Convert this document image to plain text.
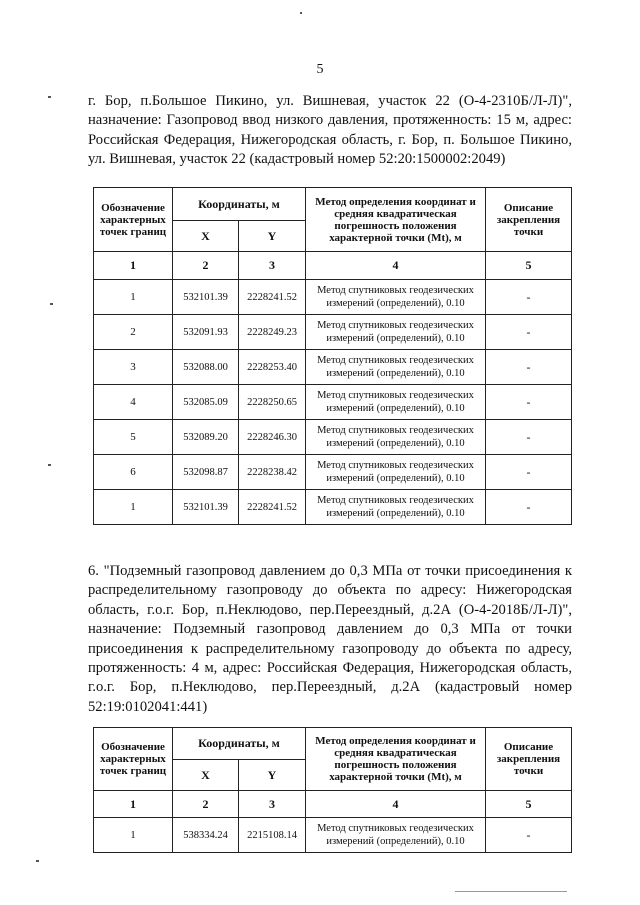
5
г. Бор, п.Большое Пикино, ул. Вишневая, участок 22 (О-4-2310Б/Л-Л)",
назначение: Газопровод ввод низкого давления, протяженность: 15 м, адрес:
Российская Федерация, Нижегородская область, г. Бор, п. Большое Пикино,
ул. Вишневая, участок 22 (кадастровый номер 52:20:1500002:2049)
Обозначение характерных точек границ	Координаты, м		Метод определения координат и средняя квадратическая погрешность положения характерной точки (Mt), м	Описание закрепления точки
	X	Y		
1	2	3	4	5
1	532101.39	2228241.52	Метод спутниковых геодезических измерений (определений), 0.10	-
2	532091.93	2228249.23	Метод спутниковых геодезических измерений (определений), 0.10	-
3	532088.00	2228253.40	Метод спутниковых геодезических измерений (определений), 0.10	-
4	532085.09	2228250.65	Метод спутниковых геодезических измерений (определений), 0.10	-
5	532089.20	2228246.30	Метод спутниковых геодезических измерений (определений), 0.10	-
6	532098.87	2228238.42	Метод спутниковых геодезических измерений (определений), 0.10	-
1	532101.39	2228241.52	Метод спутниковых геодезических измерений (определений), 0.10	-
6. "Подземный газопровод давлением до 0,3 МПа от точки присоединения к
распределительному газопроводу до объекта по адресу: Нижегородская
область, г.о.г. Бор, п.Неклюдово, пер.Переездный, д.2А (О-4-2018Б/Л-Л)",
назначение: Подземный газопровод давлением до 0,3 МПа от точки
присоединения к распределительному газопроводу до объекта по адресу,
протяженность: 4 м, адрес: Российская Федерация, Нижегородская область,
г.о.г. Бор, п.Неклюдово, пер.Переездный, д.2А (кадастровый номер
52:19:0102041:441)
Обозначение характерных точек границ	Координаты, м		Метод определения координат и средняя квадратическая погрешность положения характерной точки (Mt), м	Описание закрепления точки
	X	Y		
1	2	3	4	5
1	538334.24	2215108.14	Метод спутниковых геодезических измерений (определений), 0.10	-
